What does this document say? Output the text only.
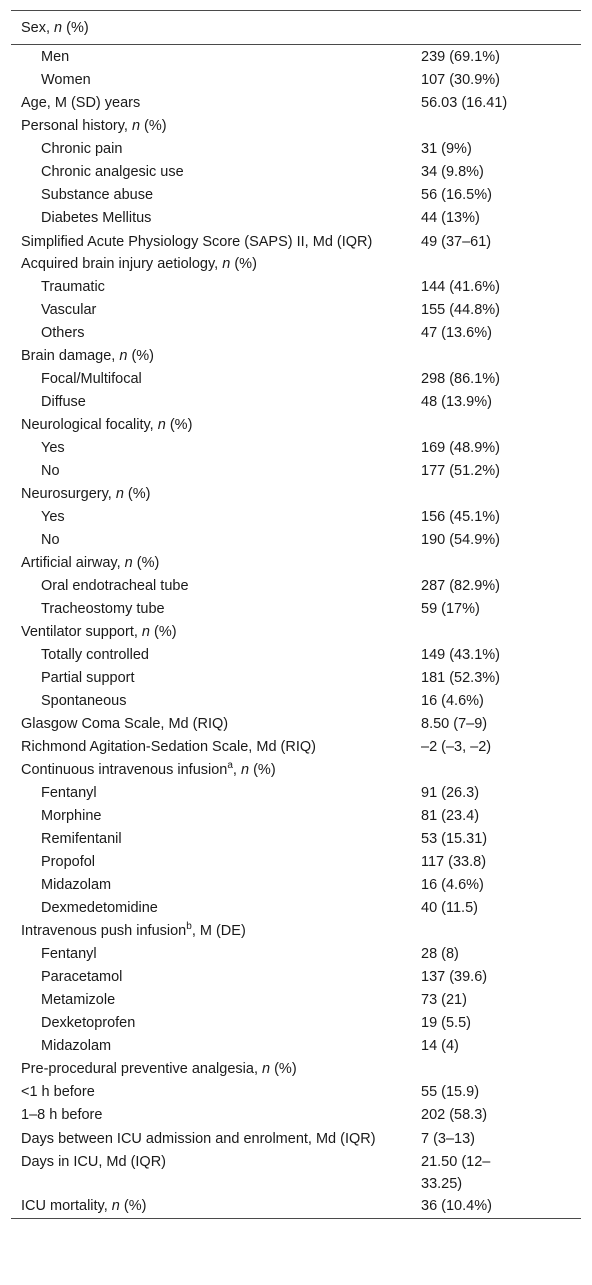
Sex, n (%)
Men	239 (69.1%)
Women	107 (30.9%)
Age, M (SD) years	56.03 (16.41)
Personal history, n (%)
Chronic pain	31 (9%)
Chronic analgesic use	34 (9.8%)
Substance abuse	56 (16.5%)
Diabetes Mellitus	44 (13%)
Simplified Acute Physiology Score (SAPS) II, Md (IQR)	49 (37–61)
Acquired brain injury aetiology, n (%)
Traumatic	144 (41.6%)
Vascular	155 (44.8%)
Others	47 (13.6%)
Brain damage, n (%)
Focal/Multifocal	298 (86.1%)
Diffuse	48 (13.9%)
Neurological focality, n (%)
Yes	169 (48.9%)
No	177 (51.2%)
Neurosurgery, n (%)
Yes	156 (45.1%)
No	190 (54.9%)
Artificial airway, n (%)
Oral endotracheal tube	287 (82.9%)
Tracheostomy tube	59 (17%)
Ventilator support, n (%)
Totally controlled	149 (43.1%)
Partial support	181 (52.3%)
Spontaneous	16 (4.6%)
Glasgow Coma Scale, Md (RIQ)	8.50 (7–9)
Richmond Agitation-Sedation Scale, Md (RIQ)	–2 (–3, –2)
Continuous intravenous infusion$^a$, n (%)
Fentanyl	91 (26.3)
Morphine	81 (23.4)
Remifentanil	53 (15.31)
Propofol	117 (33.8)
Midazolam	16 (4.6%)
Dexmedetomidine	40 (11.5)
Intravenous push infusion$^b$, M (DE)
Fentanyl	28 (8)
Paracetamol	137 (39.6)
Metamizole	73 (21)
Dexketoprofen	19 (5.5)
Midazolam	14 (4)
Pre-procedural preventive analgesia, n (%)
<1 h before	55 (15.9)
1–8 h before	202 (58.3)
Days between ICU admission and enrolment, Md (IQR)	7 (3–13)
Days in ICU, Md (IQR)	21.50 (12–33.25)
ICU mortality, n (%)	36 (10.4%)
